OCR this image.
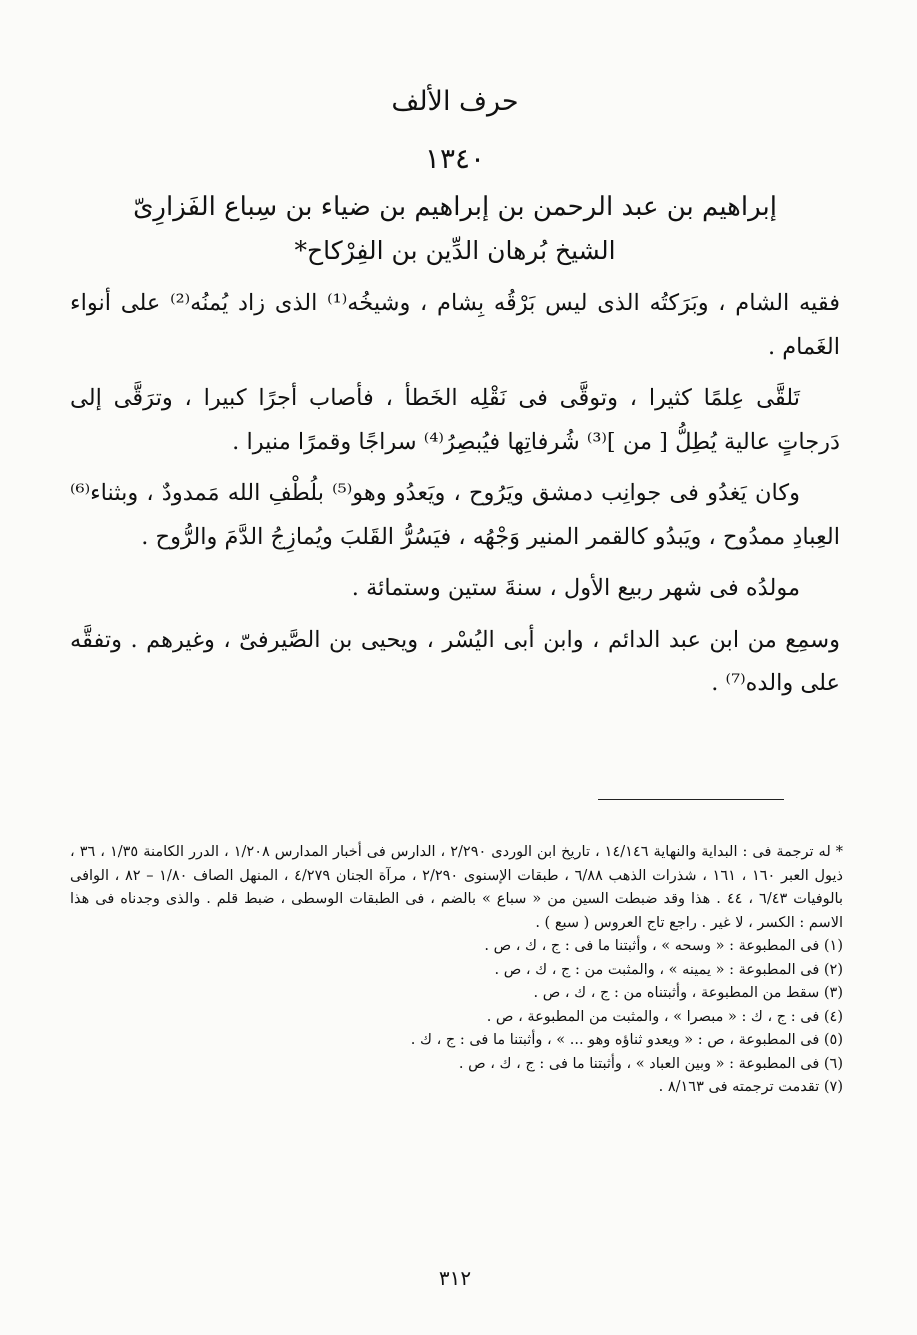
حرف الألف
١٣٤٠
إبراهيم بن عبد الرحمن بن إبراهيم بن ضياء بن سِباع الفَزارِىّ
الشيخ بُرهان الدِّين بن الفِرْكاح*

فقيه الشام ، وبَرَكتُه الذى ليس بَرْقُه بِشام ، وشيخُه⁽¹⁾ الذى زاد يُمنُه⁽²⁾ على أنواء الغَمام .

تَلقَّى عِلمًا كثيرا ، وتوقَّى فى نَقْلِه الخَطأ ، فأصاب أجرًا كبيرا ، وترَقَّى إلى دَرجاتٍ عالية يُطِلُّ [ من ]⁽³⁾ شُرفاتِها فيُبصِرُ⁽⁴⁾ سراجًا وقمرًا منيرا .

وكان يَغدُو فى جوانِب دمشق ويَرُوح ، ويَعدُو وهو⁽⁵⁾ بلُطْفِ الله مَمدودٌ ، وبثناء⁽⁶⁾ العِبادِ ممدُوح ، ويَبدُو كالقمر المنير وَجْهُه ، فيَسُرُّ القَلبَ ويُمازِجُ الدَّمَ والرُّوح .

مولدُه فى شهر ربيع الأول ، سنةَ ستين وستمائة .

وسمِع من ابن عبد الدائم ، وابن أبى اليُسْر ، ويحيى بن الصَّيرفىّ ، وغيرهم . وتفقَّه على والده⁽⁷⁾ .

* له ترجمة فى : البداية والنهاية ١٤/١٤٦ ، تاريخ ابن الوردى ٢/٢٩٠ ، الدارس فى أخبار المدارس ١/٢٠٨ ، الدرر الكامنة ١/٣٥ ، ٣٦ ، ذيول العبر ١٦٠ ، ١٦١ ، شذرات الذهب ٦/٨٨ ، طبقات الإسنوى ٢/٢٩٠ ، مرآة الجنان ٤/٢٧٩ ، المنهل الصاف ١/٨٠ – ٨٢ ، الوافى بالوفيات ٦/٤٣ ، ٤٤ . هذا وقد ضبطت السين من « سباع » بالضم ، فى الطبقات الوسطى ، ضبط قلم . والذى وجدناه فى هذا الاسم : الكسر ، لا غير . راجع تاج العروس ( سبع ) .

(١) فى المطبوعة : « وسحه » ، وأثبتنا ما فى : ج ، ك ، ص .

(٢) فى المطبوعة : « يمينه » ، والمثبت من : ج ، ك ، ص .

(٣) سقط من المطبوعة ، وأثبتناه من : ج ، ك ، ص .

(٤) فى : ج ، ك : « مبصرا » ، والمثبت من المطبوعة ، ص .

(٥) فى المطبوعة ، ص : « ويعدو ثناؤه وهو ... » ، وأثبتنا ما فى : ج ، ك .

(٦) فى المطبوعة : « وبين العباد » ، وأثبتنا ما فى : ج ، ك ، ص .

(٧) تقدمت ترجمته فى ٨/١٦٣ .

٣١٢
